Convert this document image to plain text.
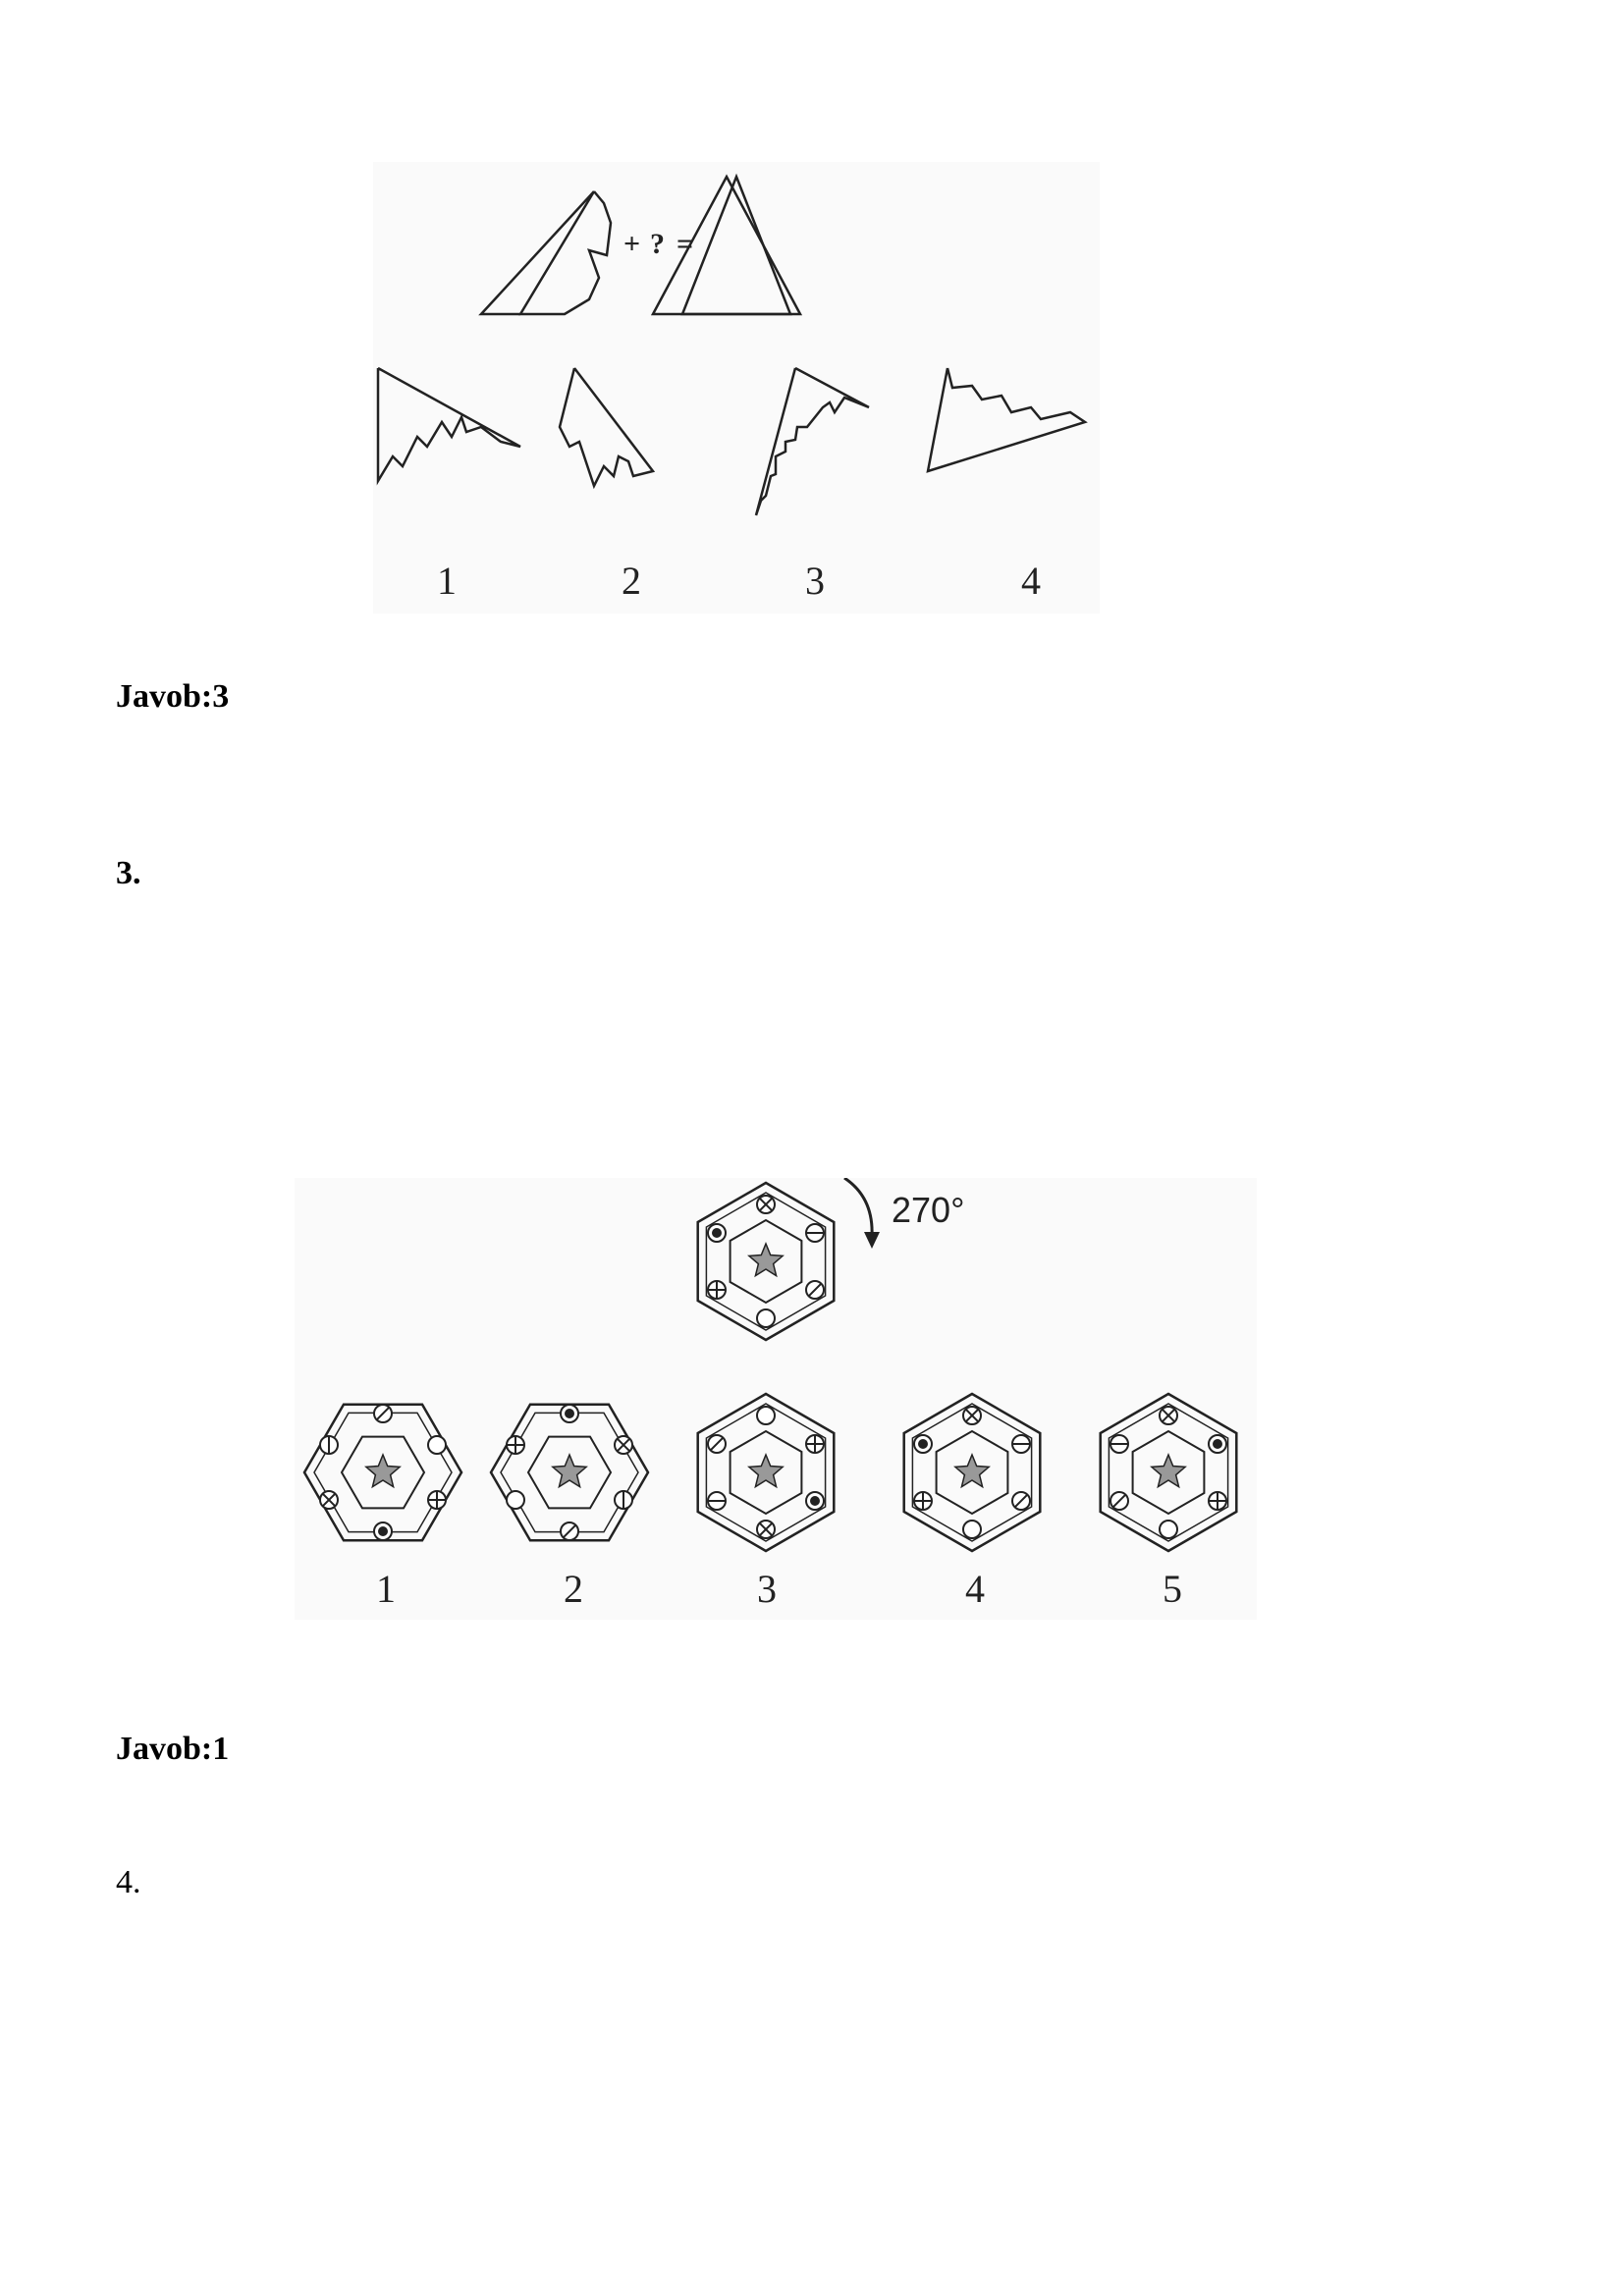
+ ? =
1	2	3	4
Javob:3
3.
270°
1	2	3	4	5
Javob:1
4.
